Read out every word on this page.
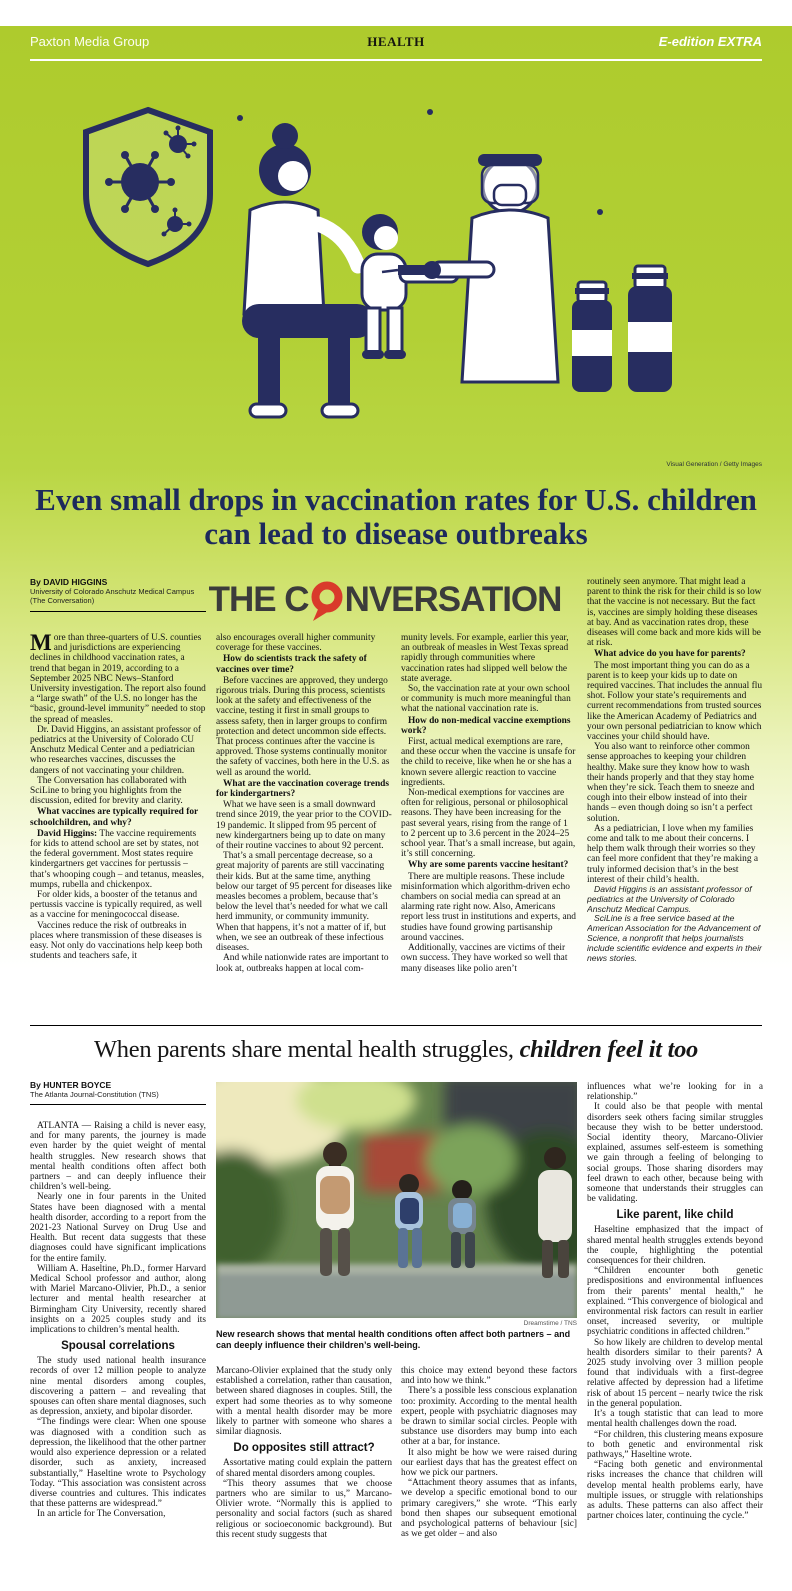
Paxton Media Group	HEALTH	E-edition EXTRA
Visual Generation / Getty Images
Even small drops in vaccination rates for U.S. children can lead to disease outbreaks
By DAVID HIGGINS
University of Colorado Anschutz Medical Campus
(The Conversation)	THE C NVERSATION

More than three-quarters of U.S. counties and jurisdictions are experiencing declines in childhood vaccination rates, a trend that began in 2019, according to a September 2025 NBC News–Stanford University investigation. The report also found a “large swath” of the U.S. no longer has the “basic, ground-level immunity” needed to stop the spread of measles.

Dr. David Higgins, an assistant professor of pediatrics at the University of Colorado CU Anschutz Medical Center and a pediatrician who researches vaccines, discusses the dangers of not vaccinating your children.

The Conversation has collaborated with SciLine to bring you highlights from the discussion, edited for brevity and clarity.

What vaccines are typically required for schoolchildren, and why?

David Higgins: The vaccine requirements for kids to attend school are set by states, not the federal government. Most states require kindergartners get vaccines for pertussis – that’s whooping cough – and tetanus, measles, mumps, rubella and chickenpox.

For older kids, a booster of the tetanus and pertussis vaccine is typically required, as well as a vaccine for meningococcal disease.

Vaccines reduce the risk of outbreaks in places where transmission of these diseases is easy. Not only do vaccinations help keep both students and teachers safe, it

also encourages overall higher community coverage for these vaccines.

How do scientists track the safety of vaccines over time?

Before vaccines are approved, they undergo rigorous trials. During this process, scientists look at the safety and effectiveness of the vaccine, testing it first in small groups to assess safety, then in larger groups to confirm protection and detect uncommon side effects. That process continues after the vaccine is approved. Those systems continually monitor the safety of vaccines, both here in the U.S. as well as around the world.

What are the vaccination coverage trends for kindergartners?

What we have seen is a small downward trend since 2019, the year prior to the COVID-19 pandemic. It slipped from 95 percent of new kindergartners being up to date on many of their routine vaccines to about 92 percent.

That’s a small percentage decrease, so a great majority of parents are still vaccinating their kids. But at the same time, anything below our target of 95 percent for diseases like measles becomes a problem, because that’s below the level that’s needed for what we call herd immunity, or community immunity. When that happens, it’s not a matter of if, but when, we see an outbreak of these infectious diseases.

And while nationwide rates are important to look at, outbreaks happen at local com-

munity levels. For example, earlier this year, an outbreak of measles in West Texas spread rapidly through communities where vaccination rates had slipped well below the state average.

So, the vaccination rate at your own school or community is much more meaningful than what the national vaccination rate is.

How do non-medical vaccine exemptions work?

First, actual medical exemptions are rare, and these occur when the vaccine is unsafe for the child to receive, like when he or she has a known severe allergic reaction to vaccine ingredients.

Non-medical exemptions for vaccines are often for religious, personal or philosophical reasons. They have been increasing for the past several years, rising from the range of 1 to 2 percent up to 3.6 percent in the 2024–25 school year. That’s a small increase, but again, it’s still concerning.

Why are some parents vaccine hesitant?

There are multiple reasons. These include misinformation which algorithm-driven echo chambers on social media can spread at an alarming rate right now. Also, Americans report less trust in institutions and experts, and studies have found growing partisanship around vaccines.

Additionally, vaccines are victims of their own success. They have worked so well that many diseases like polio aren’t

routinely seen anymore. That might lead a parent to think the risk for their child is so low that the vaccine is not necessary. But the fact is, vaccines are simply holding these diseases at bay. And as vaccination rates drop, these diseases will come back and more kids will be at risk.

What advice do you have for parents?

The most important thing you can do as a parent is to keep your kids up to date on required vaccines. That includes the annual flu shot. Follow your state’s requirements and current recommendations from trusted sources like the American Academy of Pediatrics and your own personal pediatrician to know which vaccines your child should have.

You also want to reinforce other common sense approaches to keeping your children healthy. Make sure they know how to wash their hands properly and that they stay home when they’re sick. Teach them to sneeze and cough into their elbow instead of into their hands – even though doing so isn’t a perfect solution.

As a pediatrician, I love when my families come and talk to me about their concerns. I help them walk through their worries so they can feel more confident that they’re making a truly informed decision that’s in the best interest of their child’s health.

David Higgins is an assistant professor of pediatrics at the University of Colorado Anschutz Medical Campus.

SciLine is a free service based at the American Association for the Advancement of Science, a nonprofit that helps journalists include scientific evidence and experts in their news stories.

When parents share mental health struggles, children feel it too
By HUNTER BOYCE
The Atlanta Journal-Constitution (TNS)
Dreamstime / TNS
New research shows that mental health conditions often affect both partners – and can deeply influence their children’s well-being.

ATLANTA — Raising a child is never easy, and for many parents, the journey is made even harder by the quiet weight of mental health struggles. New research shows that mental health conditions often affect both partners – and can deeply influence their children’s well-being.

Nearly one in four parents in the United States have been diagnosed with a mental health disorder, according to a report from the 2021-23 National Survey on Drug Use and Health. But recent data suggests that these diagnoses could have significant implications for the entire family.

William A. Haseltine, Ph.D., former Harvard Medical School professor and author, along with Mariel Marcano-Olivier, Ph.D., a senior lecturer and mental health researcher at Birmingham City University, recently shared insights on a 2025 couples study and its implications to children’s mental health.

Spousal correlations

The study used national health insurance records of over 12 million people to analyze nine mental disorders among couples, discovering a pattern – and revealing that spouses can often share mental diagnoses, such as depression, anxiety, and bipolar disorder.

“The findings were clear: When one spouse was diagnosed with a condition such as depression, the likelihood that the other partner would also experience depression or a related disorder, such as anxiety, increased substantially,” Haseltine wrote to Psychology Today. “This association was consistent across diverse countries and cultures. This indicates that these patterns are widespread.”

In an article for The Conversation,

Marcano-Olivier explained that the study only established a correlation, rather than causation, between shared diagnoses in couples. Still, the expert had some theories as to why someone with a mental health disorder may be more likely to partner with someone who shares a similar diagnosis.

Do opposites still attract?

Assortative mating could explain the pattern of shared mental disorders among couples.

“This theory assumes that we choose partners who are similar to us,” Marcano-Olivier wrote. “Normally this is applied to personality and social factors (such as shared religious or socioeconomic background). But this recent study suggests that

this choice may extend beyond these factors and into how we think.”

There’s a possible less conscious explanation too: proximity. According to the mental health expert, people with psychiatric diagnoses may be drawn to similar social circles. People with substance use disorders may bump into each other at a bar, for instance.

It also might be how we were raised during our earliest days that has the greatest effect on how we pick our partners.

“Attachment theory assumes that as infants, we develop a specific emotional bond to our primary caregivers,” she wrote. “This early bond then shapes our subsequent emotional and psychological patterns of behaviour [sic] as we get older – and also

influences what we’re looking for in a relationship.”

It could also be that people with mental disorders seek others facing similar struggles because they wish to be better understood. Social identity theory, Marcano-Olivier explained, assumes self-esteem is something we gain through a feeling of belonging to social groups. Those sharing disorders may feel drawn to each other, because being with someone that understands their struggles can be validating.

Like parent, like child

Haseltine emphasized that the impact of shared mental health struggles extends beyond the couple, highlighting the potential consequences for their children.

“Children encounter both genetic predispositions and environmental influences from their parents’ mental health,” he explained. “This convergence of biological and environmental risk factors can result in earlier onset, increased severity, or multiple psychiatric conditions in affected children.”

So how likely are children to develop mental health disorders similar to their parents? A 2025 study involving over 3 million people found that individuals with a first-degree relative affected by depression had a lifetime risk of about 15 percent – nearly twice the risk in the general population.

It’s a tough statistic that can lead to more mental health challenges down the road.

“For children, this clustering means exposure to both genetic and environmental risk pathways,” Haseltine wrote.

“Facing both genetic and environmental risks increases the chance that children will develop mental health problems early, have multiple issues, or struggle with relationships as adults. These patterns can also affect their partner choices later, continuing the cycle.”
